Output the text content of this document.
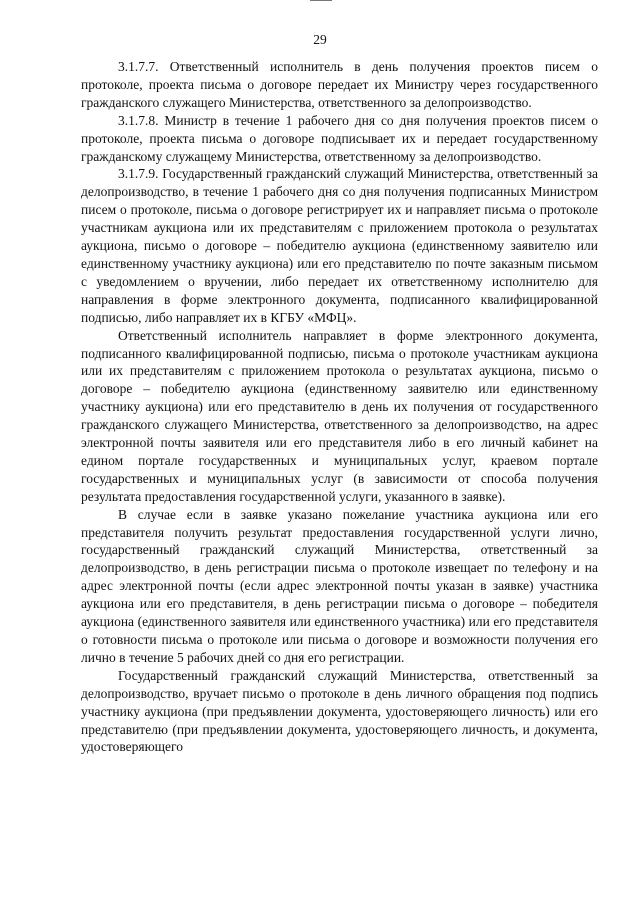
29

3.1.7.7. Ответственный исполнитель в день получения проектов писем о протоколе, проекта письма о договоре передает их Министру через государственного гражданского служащего Министерства, ответственного за делопроизводство.

3.1.7.8. Министр в течение 1 рабочего дня со дня получения проектов писем о протоколе, проекта письма о договоре подписывает их и передает государственному гражданскому служащему Министерства, ответственному за делопроизводство.

3.1.7.9. Государственный гражданский служащий Министерства, ответственный за делопроизводство, в течение 1 рабочего дня со дня получения подписанных Министром писем о протоколе, письма о договоре регистрирует их и направляет письма о протоколе участникам аукциона или их представителям с приложением протокола о результатах аукциона, письмо о договоре – победителю аукциона (единственному заявителю или единственному участнику аукциона) или его представителю по почте заказным письмом с уведомлением о вручении, либо передает их ответственному исполнителю для направления в форме электронного документа, подписанного квалифицированной подписью, либо направляет их в КГБУ «МФЦ».

Ответственный исполнитель направляет в форме электронного документа, подписанного квалифицированной подписью, письма о протоколе участникам аукциона или их представителям с приложением протокола о результатах аукциона, письмо о договоре – победителю аукциона (единственному заявителю или единственному участнику аукциона) или его представителю в день их получения от государственного гражданского служащего Министерства, ответственного за делопроизводство, на адрес электронной почты заявителя или его представителя либо в его личный кабинет на едином портале государственных и муниципальных услуг, краевом портале государственных и муниципальных услуг (в зависимости от способа получения результата предоставления государственной услуги, указанного в заявке).

В случае если в заявке указано пожелание участника аукциона или его представителя получить результат предоставления государственной услуги лично, государственный гражданский служащий Министерства, ответственный за делопроизводство, в день регистрации письма о протоколе извещает по телефону и на адрес электронной почты (если адрес электронной почты указан в заявке) участника аукциона или его представителя, в день регистрации письма о договоре – победителя аукциона (единственного заявителя или единственного участника) или его представителя о готовности письма о протоколе или письма о договоре и возможности получения его лично в течение 5 рабочих дней со дня его регистрации.

Государственный гражданский служащий Министерства, ответственный за делопроизводство, вручает письмо о протоколе в день личного обращения под подпись участнику аукциона (при предъявлении документа, удостоверяющего личность) или его представителю (при предъявлении документа, удостоверяющего личность, и документа, удостоверяющего
